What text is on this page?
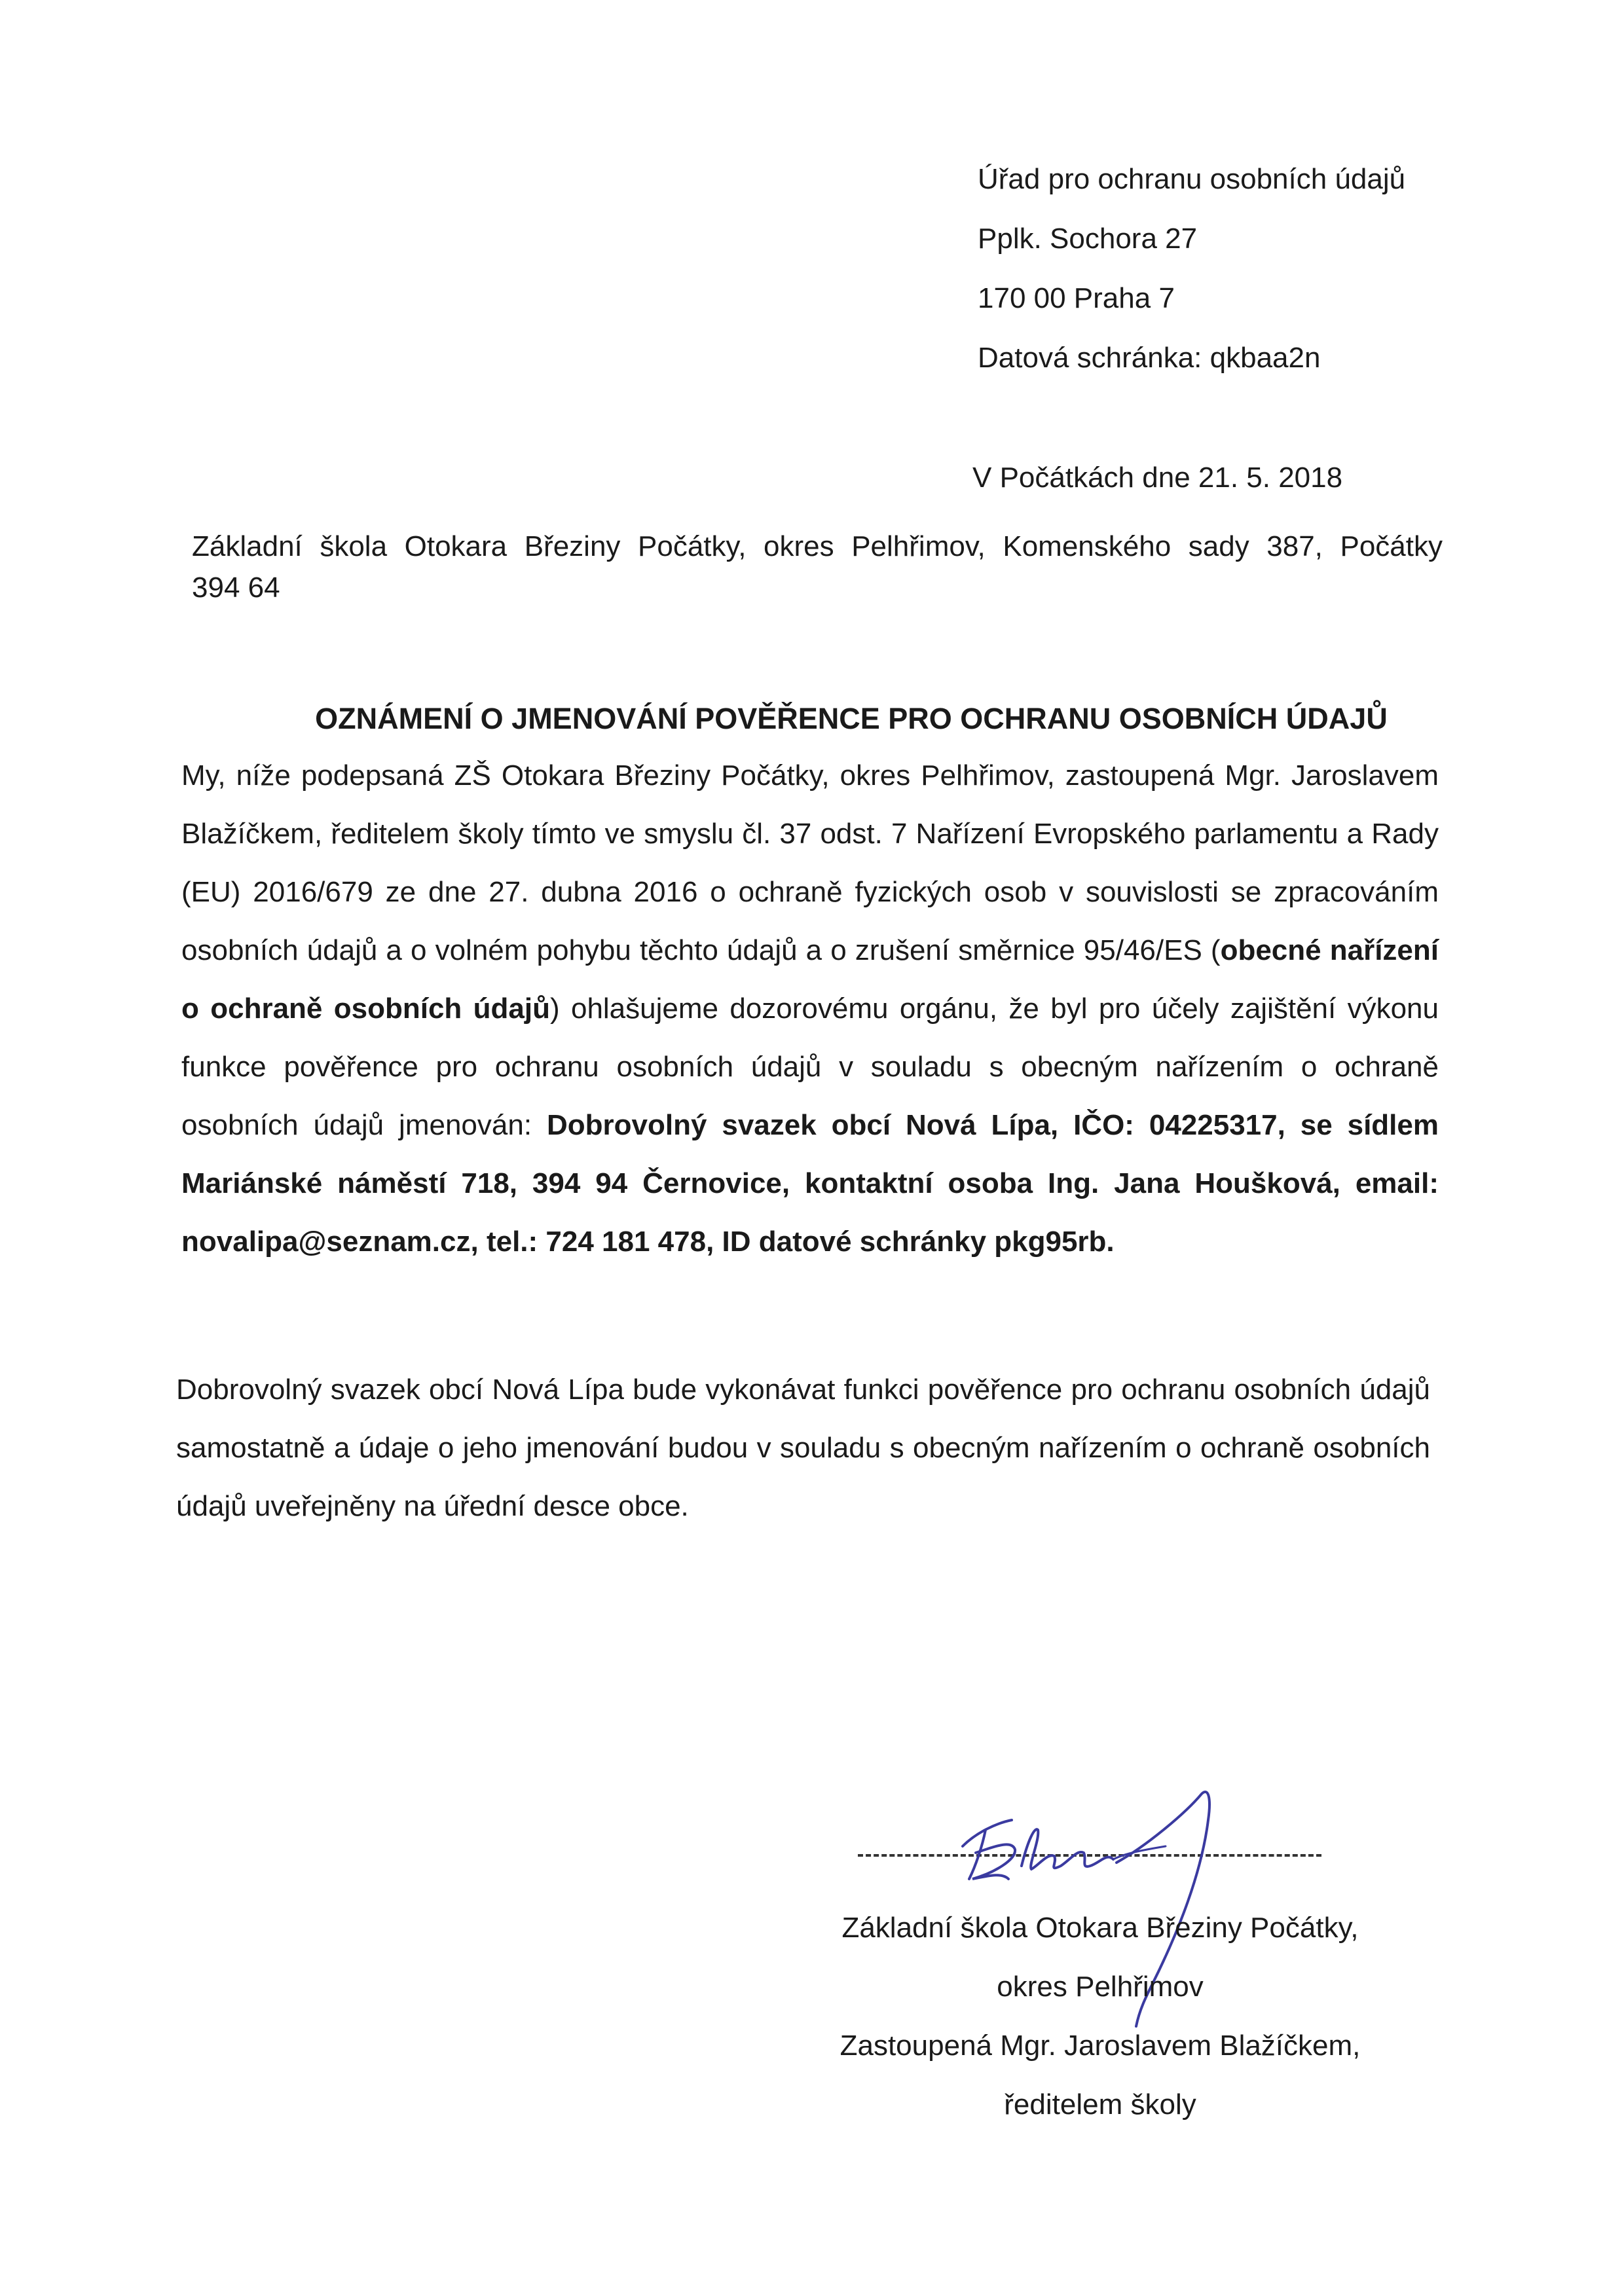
Úřad pro ochranu osobních údajů
Pplk. Sochora 27
170 00 Praha 7
Datová schránka: qkbaa2n
V Počátkách dne 21. 5. 2018
Základní škola Otokara Březiny Počátky, okres Pelhřimov, Komenského sady 387, Počátky
394 64
OZNÁMENÍ O JMENOVÁNÍ POVĚŘENCE PRO OCHRANU OSOBNÍCH ÚDAJŮ
My, níže podepsaná ZŠ Otokara Březiny Počátky, okres Pelhřimov, zastoupená Mgr. Jaroslavem Blažíčkem, ředitelem školy tímto ve smyslu čl. 37 odst. 7 Nařízení Evropského parlamentu a Rady (EU) 2016/679 ze dne 27. dubna 2016 o ochraně fyzických osob v souvislosti se zpracováním osobních údajů a o volném pohybu těchto údajů a o zrušení směrnice 95/46/ES (obecné nařízení o ochraně osobních údajů) ohlašujeme dozorovému orgánu, že byl pro účely zajištění výkonu funkce pověřence pro ochranu osobních údajů v souladu s obecným nařízením o ochraně osobních údajů jmenován: Dobrovolný svazek obcí Nová Lípa, IČO: 04225317, se sídlem Mariánské náměstí 718, 394 94 Černovice, kontaktní osoba Ing. Jana Houšková, email: novalipa@seznam.cz, tel.: 724 181 478, ID datové schránky pkg95rb.
Dobrovolný svazek obcí Nová Lípa bude vykonávat funkci pověřence pro ochranu osobních údajů samostatně a údaje o jeho jmenování budou v souladu s obecným nařízením o ochraně osobních údajů uveřejněny na úřední desce obce.
Základní škola Otokara Březiny Počátky,
okres Pelhřimov
Zastoupená Mgr. Jaroslavem Blažíčkem,
ředitelem školy
